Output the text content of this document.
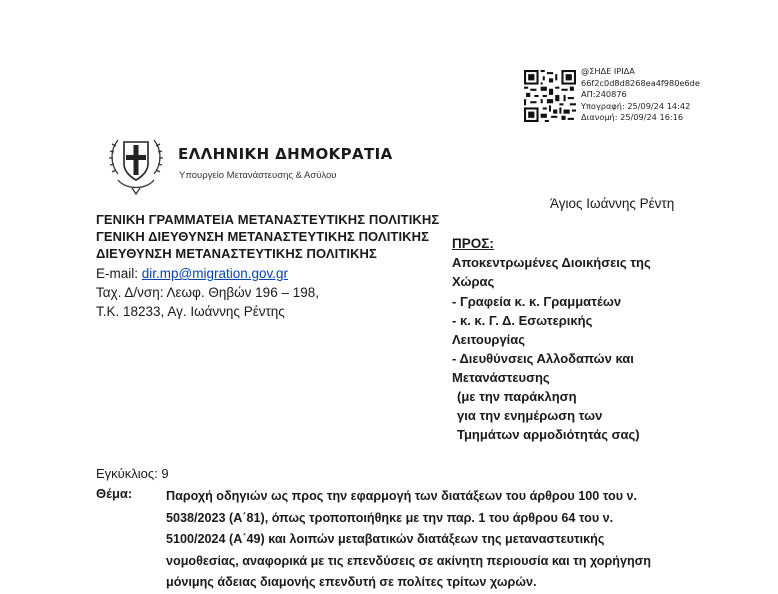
@ΣΗΔΕ ΙΡΙΔΑ
66f2c0d8d8268ea4f980e6de
ΑΠ:240876
Υπογραφή: 25/09/24 14:42
Διανομή: 25/09/24 16:16
ΕΛΛΗΝΙΚΗ ΔΗΜΟΚΡΑΤΙΑ
Υπουργείο Μετανάστευσης & Ασύλου
Άγιος Ιωάννης Ρέντη
ΓΕΝΙΚΗ ΓΡΑΜΜΑΤΕΙΑ ΜΕΤΑΝΑΣΤΕΥΤΙΚΗΣ ΠΟΛΙΤΙΚΗΣ
ΓΕΝΙΚΗ ΔΙΕΥΘΥΝΣΗ ΜΕΤΑΝΑΣΤΕΥΤΙΚΗΣ ΠΟΛΙΤΙΚΗΣ
ΔΙΕΥΘΥΝΣΗ ΜΕΤΑΝΑΣΤΕΥΤΙΚΗΣ ΠΟΛΙΤΙΚΗΣ
E-mail: dir.mp@migration.gov.gr
Ταχ. Δ/νση: Λεωφ. Θηβών 196 – 198,
Τ.Κ. 18233, Αγ. Ιωάννης Ρέντης
ΠΡΟΣ:
Αποκεντρωμένες Διοικήσεις της
Χώρας
- Γραφεία κ. κ. Γραμματέων
- κ. κ. Γ. Δ. Εσωτερικής
Λειτουργίας
- Διευθύνσεις Αλλοδαπών και
Μετανάστευσης
(με την παράκληση
για την ενημέρωση των
Τμημάτων αρμοδιότητάς σας)
Εγκύκλιος: 9
Θέμα:	Παροχή οδηγιών ως προς την εφαρμογή των διατάξεων του άρθρου 100 του ν.
5038/2023 (Α΄81), όπως τροποποιήθηκε με την παρ. 1 του άρθρου 64 του ν.
5100/2024 (Α΄49) και λοιπών μεταβατικών διατάξεων της μεταναστευτικής
νομοθεσίας, αναφορικά με τις επενδύσεις σε ακίνητη περιουσία και τη χορήγηση
μόνιμης άδειας διαμονής επενδυτή σε πολίτες τρίτων χωρών.
